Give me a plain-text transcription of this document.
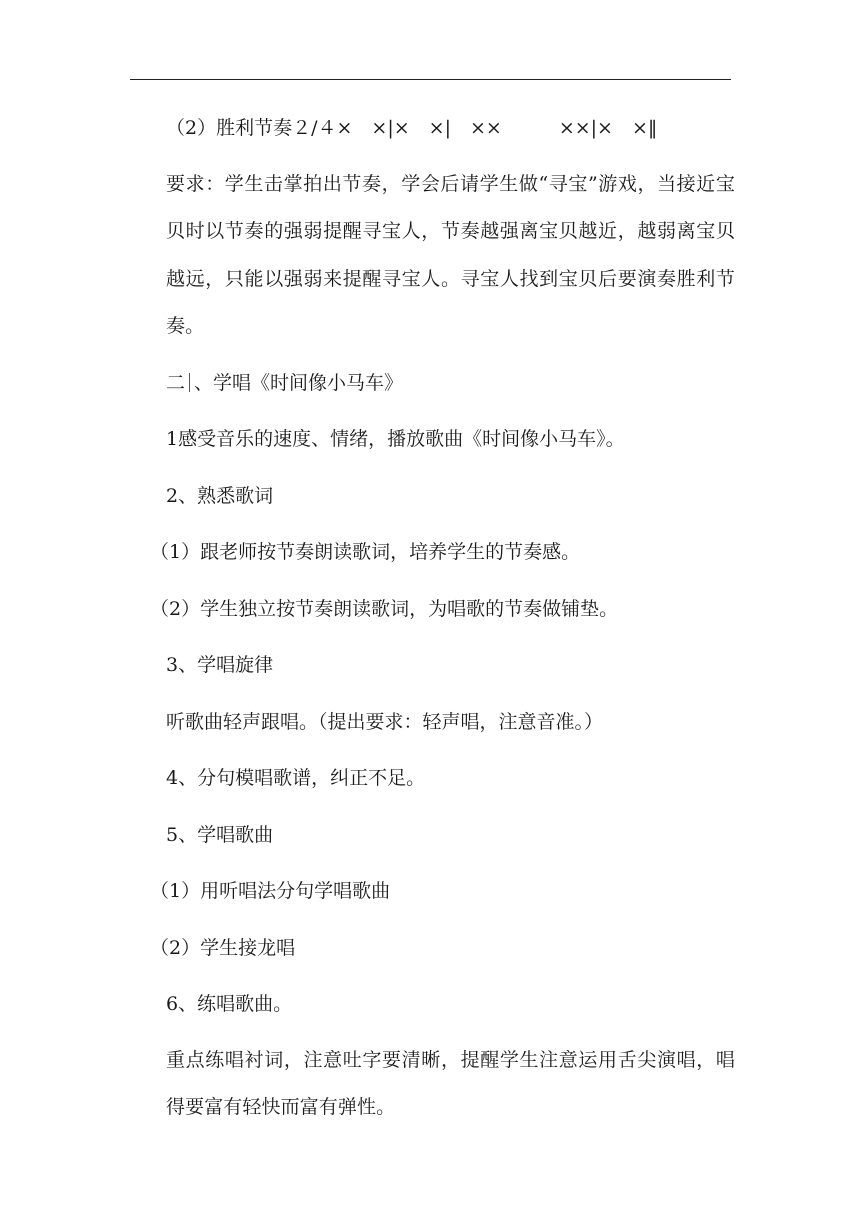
（2）胜利节奏２/４×　×|×　×|　××　　　××|×　×‖

要求：学生击掌拍出节奏，学会后请学生做“寻宝”游戏，当接近宝贝时以节奏的强弱提醒寻宝人，节奏越强离宝贝越近，越弱离宝贝越远，只能以强弱来提醒寻宝人。寻宝人找到宝贝后要演奏胜利节奏。

二 、学唱《时间像小马车》

1感受音乐的速度、情绪，播放歌曲《时间像小马车》。

2、熟悉歌词

（1）跟老师按节奏朗读歌词，培养学生的节奏感。

（2）学生独立按节奏朗读歌词，为唱歌的节奏做铺垫。

3、学唱旋律

听歌曲轻声跟唱。（提出要求：轻声唱，注意音准。）

4、分句模唱歌谱，纠正不足。

5、学唱歌曲

（1）用听唱法分句学唱歌曲

（2）学生接龙唱

6、练唱歌曲。

重点练唱衬词，注意吐字要清晰，提醒学生注意运用舌尖演唱，唱得要富有轻快而富有弹性。
